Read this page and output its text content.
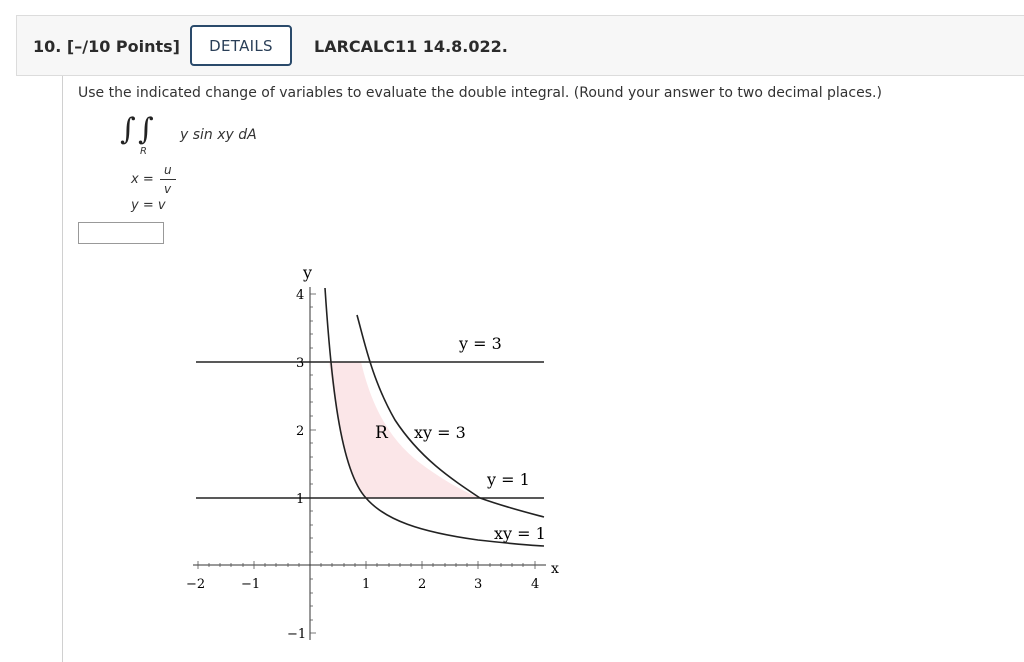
10. [–/10 Points]	DETAILS	LARCALC11 14.8.022.
Use the indicated change of variables to evaluate the double integral. (Round your answer to two decimal places.)
∫ ∫
R
y sin xy dA
x =
u
v
y = v
y
x
−2	−1	1	2	3	4
4
3
2
1
−1
y = 3
y = 1
xy = 3
xy = 1
R
